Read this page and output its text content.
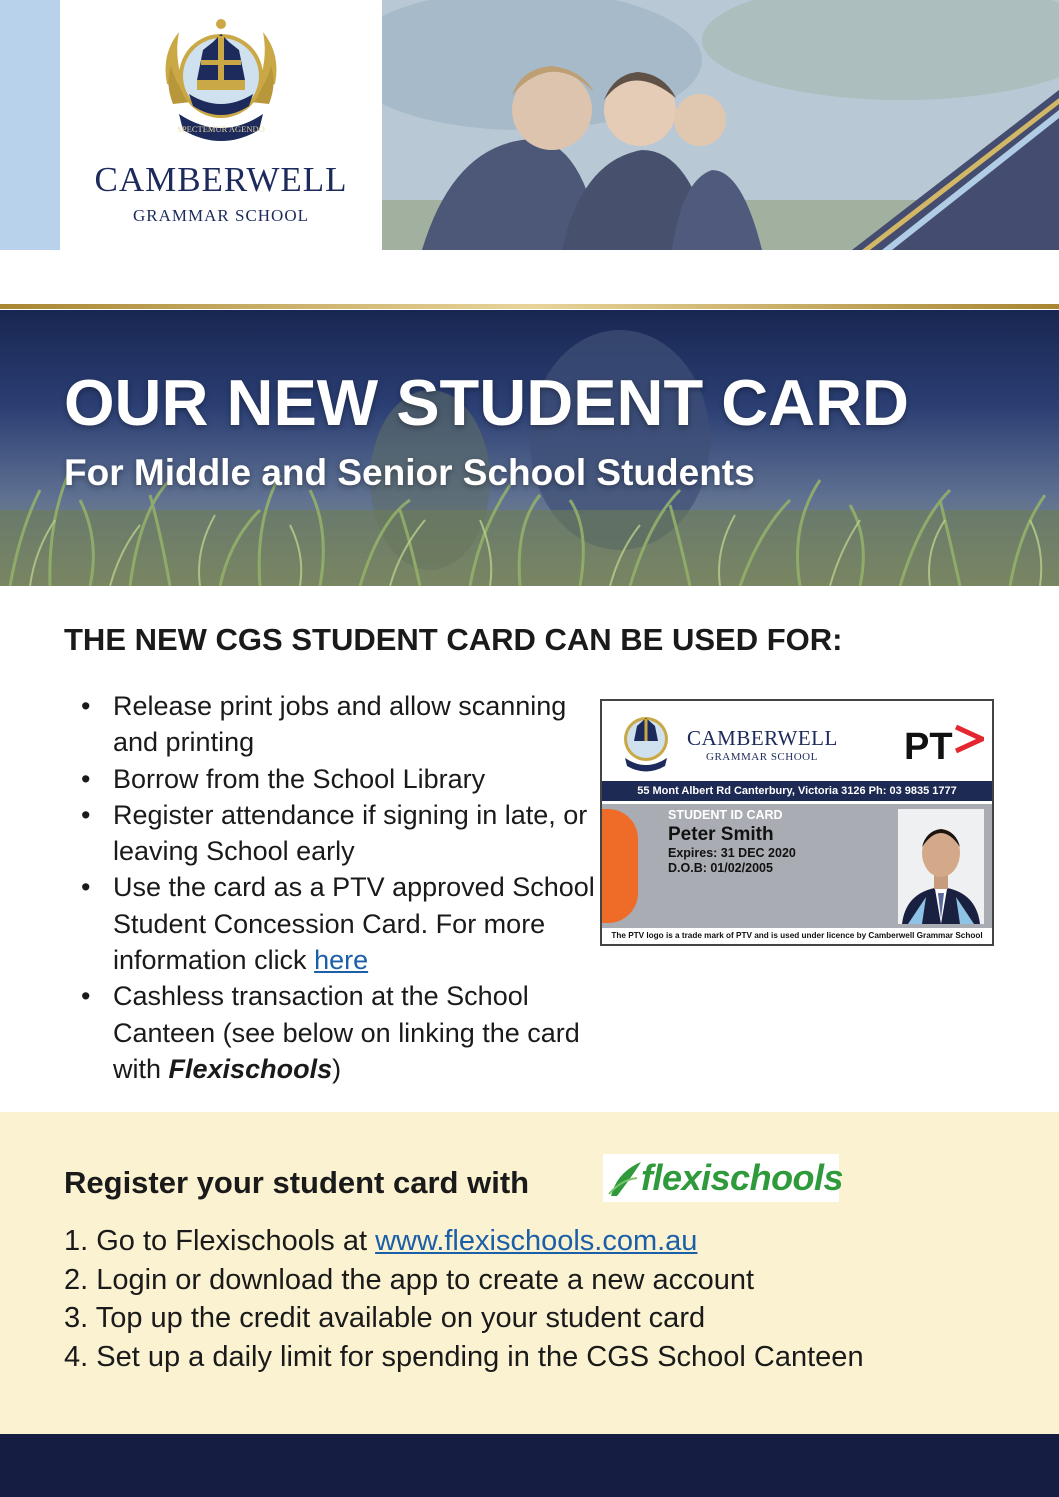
SPECTEMUR AGENDO
CAMBERWELL
GRAMMAR SCHOOL
OUR NEW STUDENT CARD
For Middle and Senior School Students
THE NEW CGS STUDENT CARD CAN BE USED FOR:
• Release print jobs and allow scanning and printing
• Borrow from the School Library
• Register attendance if signing in late, or leaving School early
• Use the card as a PTV approved School Student Concession Card. For more information click here
• Cashless transaction at the School Canteen (see below on linking the card with Flexischools)
CAMBERWELL
GRAMMAR SCHOOL PT
55 Mont Albert Rd Canterbury, Victoria 3126 Ph: 03 9835 1777
STUDENT ID CARD
Peter Smith
Expires: 31 DEC 2020
D.O.B: 01/02/2005
The PTV logo is a trade mark of PTV and is used under licence by Camberwell Grammar School
Register your student card with	flexischools
1. Go to Flexischools at www.flexischools.com.au
2. Login or download the app to create a new account
3. Top up the credit available on your student card
4. Set up a daily limit for spending in the CGS School Canteen
